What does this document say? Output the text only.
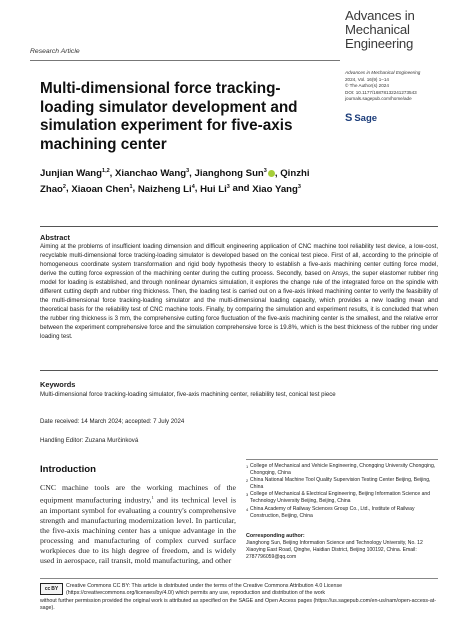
Advances in
Mechanical
Engineering
Research Article
Advances in Mechanical Engineering
2024, Vol. 16(9) 1–14
© The Author(s) 2024
DOI: 10.1177/16878132241273543
journals.sagepub.com/home/ade
S Sage
Multi-dimensional force tracking-loading simulator development and simulation experiment for five-axis machining center
Junjian Wang$^{1,2}$, Xianchao Wang$^3$, Jianghong Sun$^3$ , Qinzhi Zhao$^2$, Xiaoan Chen$^1$, Naizheng Li$^4$, Hui Li$^3$ and Xiao Yang$^3$
Abstract
Aiming at the problems of insufficient loading dimension and difficult engineering application of CNC machine tool reliability test device, a low-cost, recyclable multi-dimensional force tracking-loading simulator is developed based on the conical test piece. First of all, according to the principle of homogeneous coordinate system transformation and rigid body hypothesis theory to establish a five-axis machining center cutting force model, derive the cutting force expression of the machining center during the cutting process. Secondly, based on Ansys, the super elastomer rubber ring model for loading is established, and through nonlinear dynamics simulation, it explores the change rule of the integrated force on the spindle with different cutting depth and rubber ring thickness. Then, the loading test is carried out on a five-axis linked machining center to verify the feasibility of the multi-dimensional force tracking-loading simulator and the multi-dimensional loading capacity, which provides a new loading mean and theoretical basis for the reliability test of CNC machine tools. Finally, by comparing the simulation and experiment results, it is concluded that when the rubber ring thickness is 3 mm, the comprehensive cutting force fluctuation of the five-axis machining center is the smallest, and the relative error between the experiment comprehensive force and the simulation comprehensive force is 19.8%, which is the best thickness of the rubber ring under loading test.
Keywords
Multi-dimensional force tracking-loading simulator, five-axis machining center, reliability test, conical test piece
Date received: 14 March 2024; accepted: 7 July 2024
Handling Editor: Zuzana Murčinková
Introduction
CNC machine tools are the working machines of the equipment manufacturing industry,$^1$ and its technical level is an important symbol for evaluating a country's comprehensive strength and manufacturing modernization level. In particular, the five-axis machining center has a unique advantage in the processing and manufacturing of complex curved surface workpieces due to its high degree of freedom, and is widely used in aerospace, rail transit, mold manufacturing, and other
1 College of Mechanical and Vehicle Engineering, Chongqing University Chongqing, Chongqing, China
2 China National Machine Tool Quality Supervision Testing Center Beijing, Beijing, China
3 College of Mechanical & Electrical Engineering, Beijing Information Science and Technology University Beijing, Beijing, China
4 China Academy of Railway Sciences Group Co., Ltd., Institute of Railway Construction, Beijing, China
Corresponding author:
Jianghong Sun, Beijing Information Science and Technology University, No. 12 Xiaoying East Road, Qinghe, Haidian District, Beijing 100192, China. Email: 2787796059@qq.com
cc BY Creative Commons CC BY: This article is distributed under the terms of the Creative Commons Attribution 4.0 License (https://creativecommons.org/licenses/by/4.0/) which permits any use, reproduction and distribution of the work
without further permission provided the original work is attributed as specified on the SAGE and Open Access pages (https://us.sagepub.com/en-us/nam/open-access-at-sage).
